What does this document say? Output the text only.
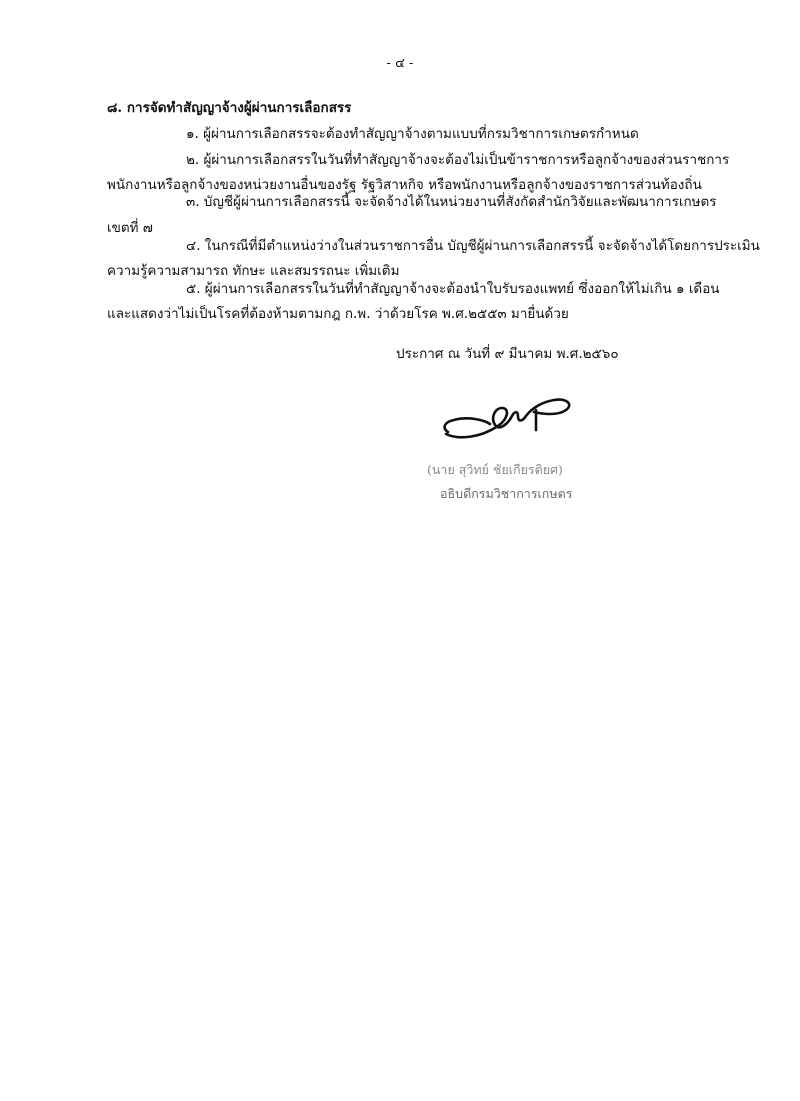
- ๔ -
๘. การจัดทำสัญญาจ้างผู้ผ่านการเลือกสรร
๑. ผู้ผ่านการเลือกสรรจะต้องทำสัญญาจ้างตามแบบที่กรมวิชาการเกษตรกำหนด
๒. ผู้ผ่านการเลือกสรรในวันที่ทำสัญญาจ้างจะต้องไม่เป็นข้าราชการหรือลูกจ้างของส่วนราชการ
พนักงานหรือลูกจ้างของหน่วยงานอื่นของรัฐ รัฐวิสาหกิจ หรือพนักงานหรือลูกจ้างของราชการส่วนท้องถิ่น
๓. บัญชีผู้ผ่านการเลือกสรรนี้ จะจัดจ้างได้ในหน่วยงานที่สังกัดสำนักวิจัยและพัฒนาการเกษตร
เขตที่ ๗
๔. ในกรณีที่มีตำแหน่งว่างในส่วนราชการอื่น บัญชีผู้ผ่านการเลือกสรรนี้ จะจัดจ้างได้โดยการประเมิน
ความรู้ความสามารถ ทักษะ และสมรรถนะ เพิ่มเติม
๕. ผู้ผ่านการเลือกสรรในวันที่ทำสัญญาจ้างจะต้องนำใบรับรองแพทย์ ซึ่งออกให้ไม่เกิน ๑ เดือน
และแสดงว่าไม่เป็นโรคที่ต้องห้ามตามกฎ ก.พ. ว่าด้วยโรค พ.ศ.๒๕๕๓ มายื่นด้วย
ประกาศ ณ วันที่ ๙ มีนาคม พ.ศ.๒๕๖๐
(นาย สุวิทย์ ชัยเกียรติยศ)
อธิบดีกรมวิชาการเกษตร
